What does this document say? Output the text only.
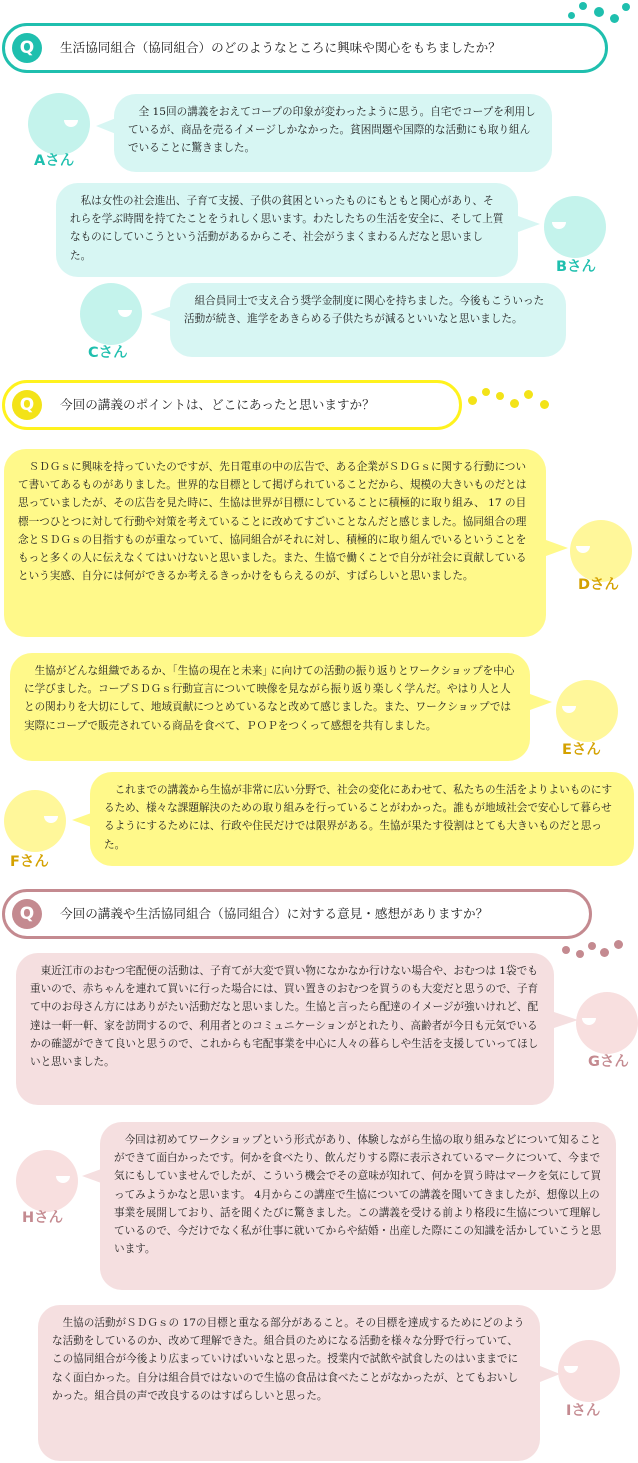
Q	生活協同組合（協同組合）のどのようなところに興味や関心をもちましたか？
Aさん

全 15回の講義をおえてコープの印象が変わったように思う。自宅でコープを利用しているが、商品を売るイメージしかなかった。貧困問題や国際的な活動にも取り組んでいることに驚きました。

私は女性の社会進出、子育て支援、子供の貧困といったものにもともと関心があり、それらを学ぶ時間を持てたことをうれしく思います。わたしたちの生活を安全に、そして上質なものにしていこうという活動があるからこそ、社会がうまくまわるんだなと思いました。

Bさん
Cさん

組合員同士で支え合う奨学金制度に関心を持ちました。今後もこういった活動が続き、進学をあきらめる子供たちが減るといいなと思いました。

Q	今回の講義のポイントは、どこにあったと思いますか？

ＳＤＧｓに興味を持っていたのですが、先日電車の中の広告で、ある企業がＳＤＧｓに関する行動について書いてあるものがありました。世界的な目標として掲げられていることだから、規模の大きいものだとは思っていましたが、その広告を見た時に、生協は世界が目標にしていることに積極的に取り組み、 17 の目標一つひとつに対して行動や対策を考えていることに改めてすごいことなんだと感じました。協同組合の理念とＳＤＧｓの目指すものが重なっていて、協同組合がそれに対し、積極的に取り組んでいるということをもっと多くの人に伝えなくてはいけないと思いました。また、生協で働くことで自分が社会に貢献しているという実感、自分には何ができるか考えるきっかけをもらえるのが、すばらしいと思いました。

Dさん

生協がどんな組織であるか、｢生協の現在と未来｣ に向けての活動の振り返りとワークショップを中心に学びました。コープＳＤＧｓ行動宣言について映像を見ながら振り返り楽しく学んだ。やはり人と人との関わりを大切にして、地域貢献につとめているなと改めて感じました。また、ワークショップでは実際にコープで販売されている商品を食べて、ＰＯＰをつくって感想を共有しました。

Eさん
Fさん

これまでの講義から生協が非常に広い分野で、社会の変化にあわせて、私たちの生活をよりよいものにするため、様々な課題解決のための取り組みを行っていることがわかった。誰もが地域社会で安心して暮らせるようにするためには、行政や住民だけでは限界がある。生協が果たす役割はとても大きいものだと思った。

Q	今回の講義や生活協同組合（協同組合）に対する意見・感想がありますか？

東近江市のおむつ宅配便の活動は、子育てが大変で買い物になかなか行けない場合や、おむつは 1袋でも重いので、赤ちゃんを連れて買いに行った場合には、買い置きのおむつを買うのも大変だと思うので、子育て中のお母さん方にはありがたい活動だなと思いました。生協と言ったら配達のイメージが強いけれど、配達は一軒一軒、家を訪問するので、利用者とのコミュニケーションがとれたり、高齢者が今日も元気でいるかの確認ができて良いと思うので、これからも宅配事業を中心に人々の暮らしや生活を支援していってほしいと思いました。	Gさん
Hさん

今回は初めてワークショップという形式があり、体験しながら生協の取り組みなどについて知ることができて面白かったです。何かを食べたり、飲んだりする際に表示されているマークについて、今まで気にもしていませんでしたが、こういう機会でその意味が知れて、何かを買う時はマークを気にして買ってみようかなと思います。 4月からこの講座で生協についての講義を聞いてきましたが、想像以上の事業を展開しており、話を聞くたびに驚きました。この講義を受ける前より格段に生協について理解しているので、今だけでなく私が仕事に就いてからや結婚・出産した際にこの知識を活かしていこうと思います。

生協の活動がＳＤＧｓの 17の目標と重なる部分があること。その目標を達成するためにどのような活動をしているのか、改めて理解できた。組合員のためになる活動を様々な分野で行っていて、この協同組合が今後より広まっていけばいいなと思った。授業内で試飲や試食したのはいままでになく面白かった。自分は組合員ではないので生協の食品は食べたことがなかったが、とてもおいしかった。組合員の声で改良するのはすばらしいと思った。

Iさん
